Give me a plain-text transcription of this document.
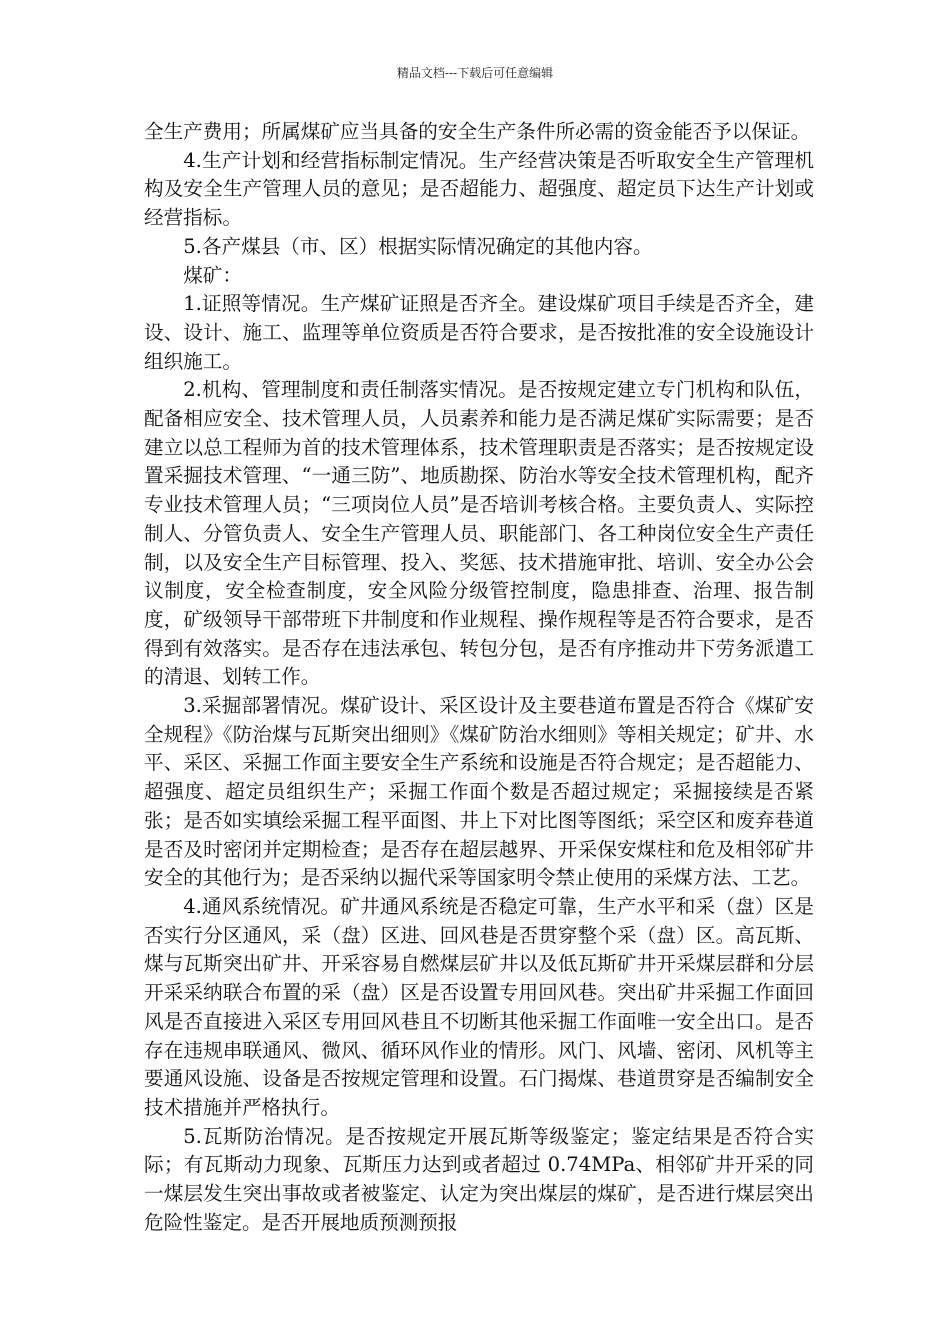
精品文档---下载后可任意编辑

全生产费用；所属煤矿应当具备的安全生产条件所必需的资金能否予以保证。

4.生产计划和经营指标制定情况。生产经营决策是否听取安全生产管理机构及安全生产管理人员的意见；是否超能力、超强度、超定员下达生产计划或经营指标。

5.各产煤县（市、区）根据实际情况确定的其他内容。

煤矿：

1.证照等情况。生产煤矿证照是否齐全。建设煤矿项目手续是否齐全，建设、设计、施工、监理等单位资质是否符合要求，是否按批准的安全设施设计组织施工。

2.机构、管理制度和责任制落实情况。是否按规定建立专门机构和队伍，配备相应安全、技术管理人员，人员素养和能力是否满足煤矿实际需要；是否建立以总工程师为首的技术管理体系，技术管理职责是否落实；是否按规定设置采掘技术管理、“一通三防”、地质勘探、防治水等安全技术管理机构，配齐专业技术管理人员；“三项岗位人员”是否培训考核合格。主要负责人、实际控制人、分管负责人、安全生产管理人员、职能部门、各工种岗位安全生产责任制，以及安全生产目标管理、投入、奖惩、技术措施审批、培训、安全办公会议制度，安全检查制度，安全风险分级管控制度，隐患排查、治理、报告制度，矿级领导干部带班下井制度和作业规程、操作规程等是否符合要求，是否得到有效落实。是否存在违法承包、转包分包，是否有序推动井下劳务派遣工的清退、划转工作。

3.采掘部署情况。煤矿设计、采区设计及主要巷道布置是否符合《煤矿安全规程》《防治煤与瓦斯突出细则》《煤矿防治水细则》等相关规定；矿井、水平、采区、采掘工作面主要安全生产系统和设施是否符合规定；是否超能力、超强度、超定员组织生产；采掘工作面个数是否超过规定；采掘接续是否紧张；是否如实填绘采掘工程平面图、井上下对比图等图纸；采空区和废弃巷道是否及时密闭并定期检查；是否存在超层越界、开采保安煤柱和危及相邻矿井安全的其他行为；是否采纳以掘代采等国家明令禁止使用的采煤方法、工艺。

4.通风系统情况。矿井通风系统是否稳定可靠，生产水平和采（盘）区是否实行分区通风，采（盘）区进、回风巷是否贯穿整个采（盘）区。高瓦斯、煤与瓦斯突出矿井、开采容易自燃煤层矿井以及低瓦斯矿井开采煤层群和分层开采采纳联合布置的采（盘）区是否设置专用回风巷。突出矿井采掘工作面回风是否直接进入采区专用回风巷且不切断其他采掘工作面唯一安全出口。是否存在违规串联通风、微风、循环风作业的情形。风门、风墙、密闭、风机等主要通风设施、设备是否按规定管理和设置。石门揭煤、巷道贯穿是否编制安全技术措施并严格执行。

5.瓦斯防治情况。是否按规定开展瓦斯等级鉴定；鉴定结果是否符合实际；有瓦斯动力现象、瓦斯压力达到或者超过 0.74MPa、相邻矿井开采的同一煤层发生突出事故或者被鉴定、认定为突出煤层的煤矿，是否进行煤层突出危险性鉴定。是否开展地质预测预报
